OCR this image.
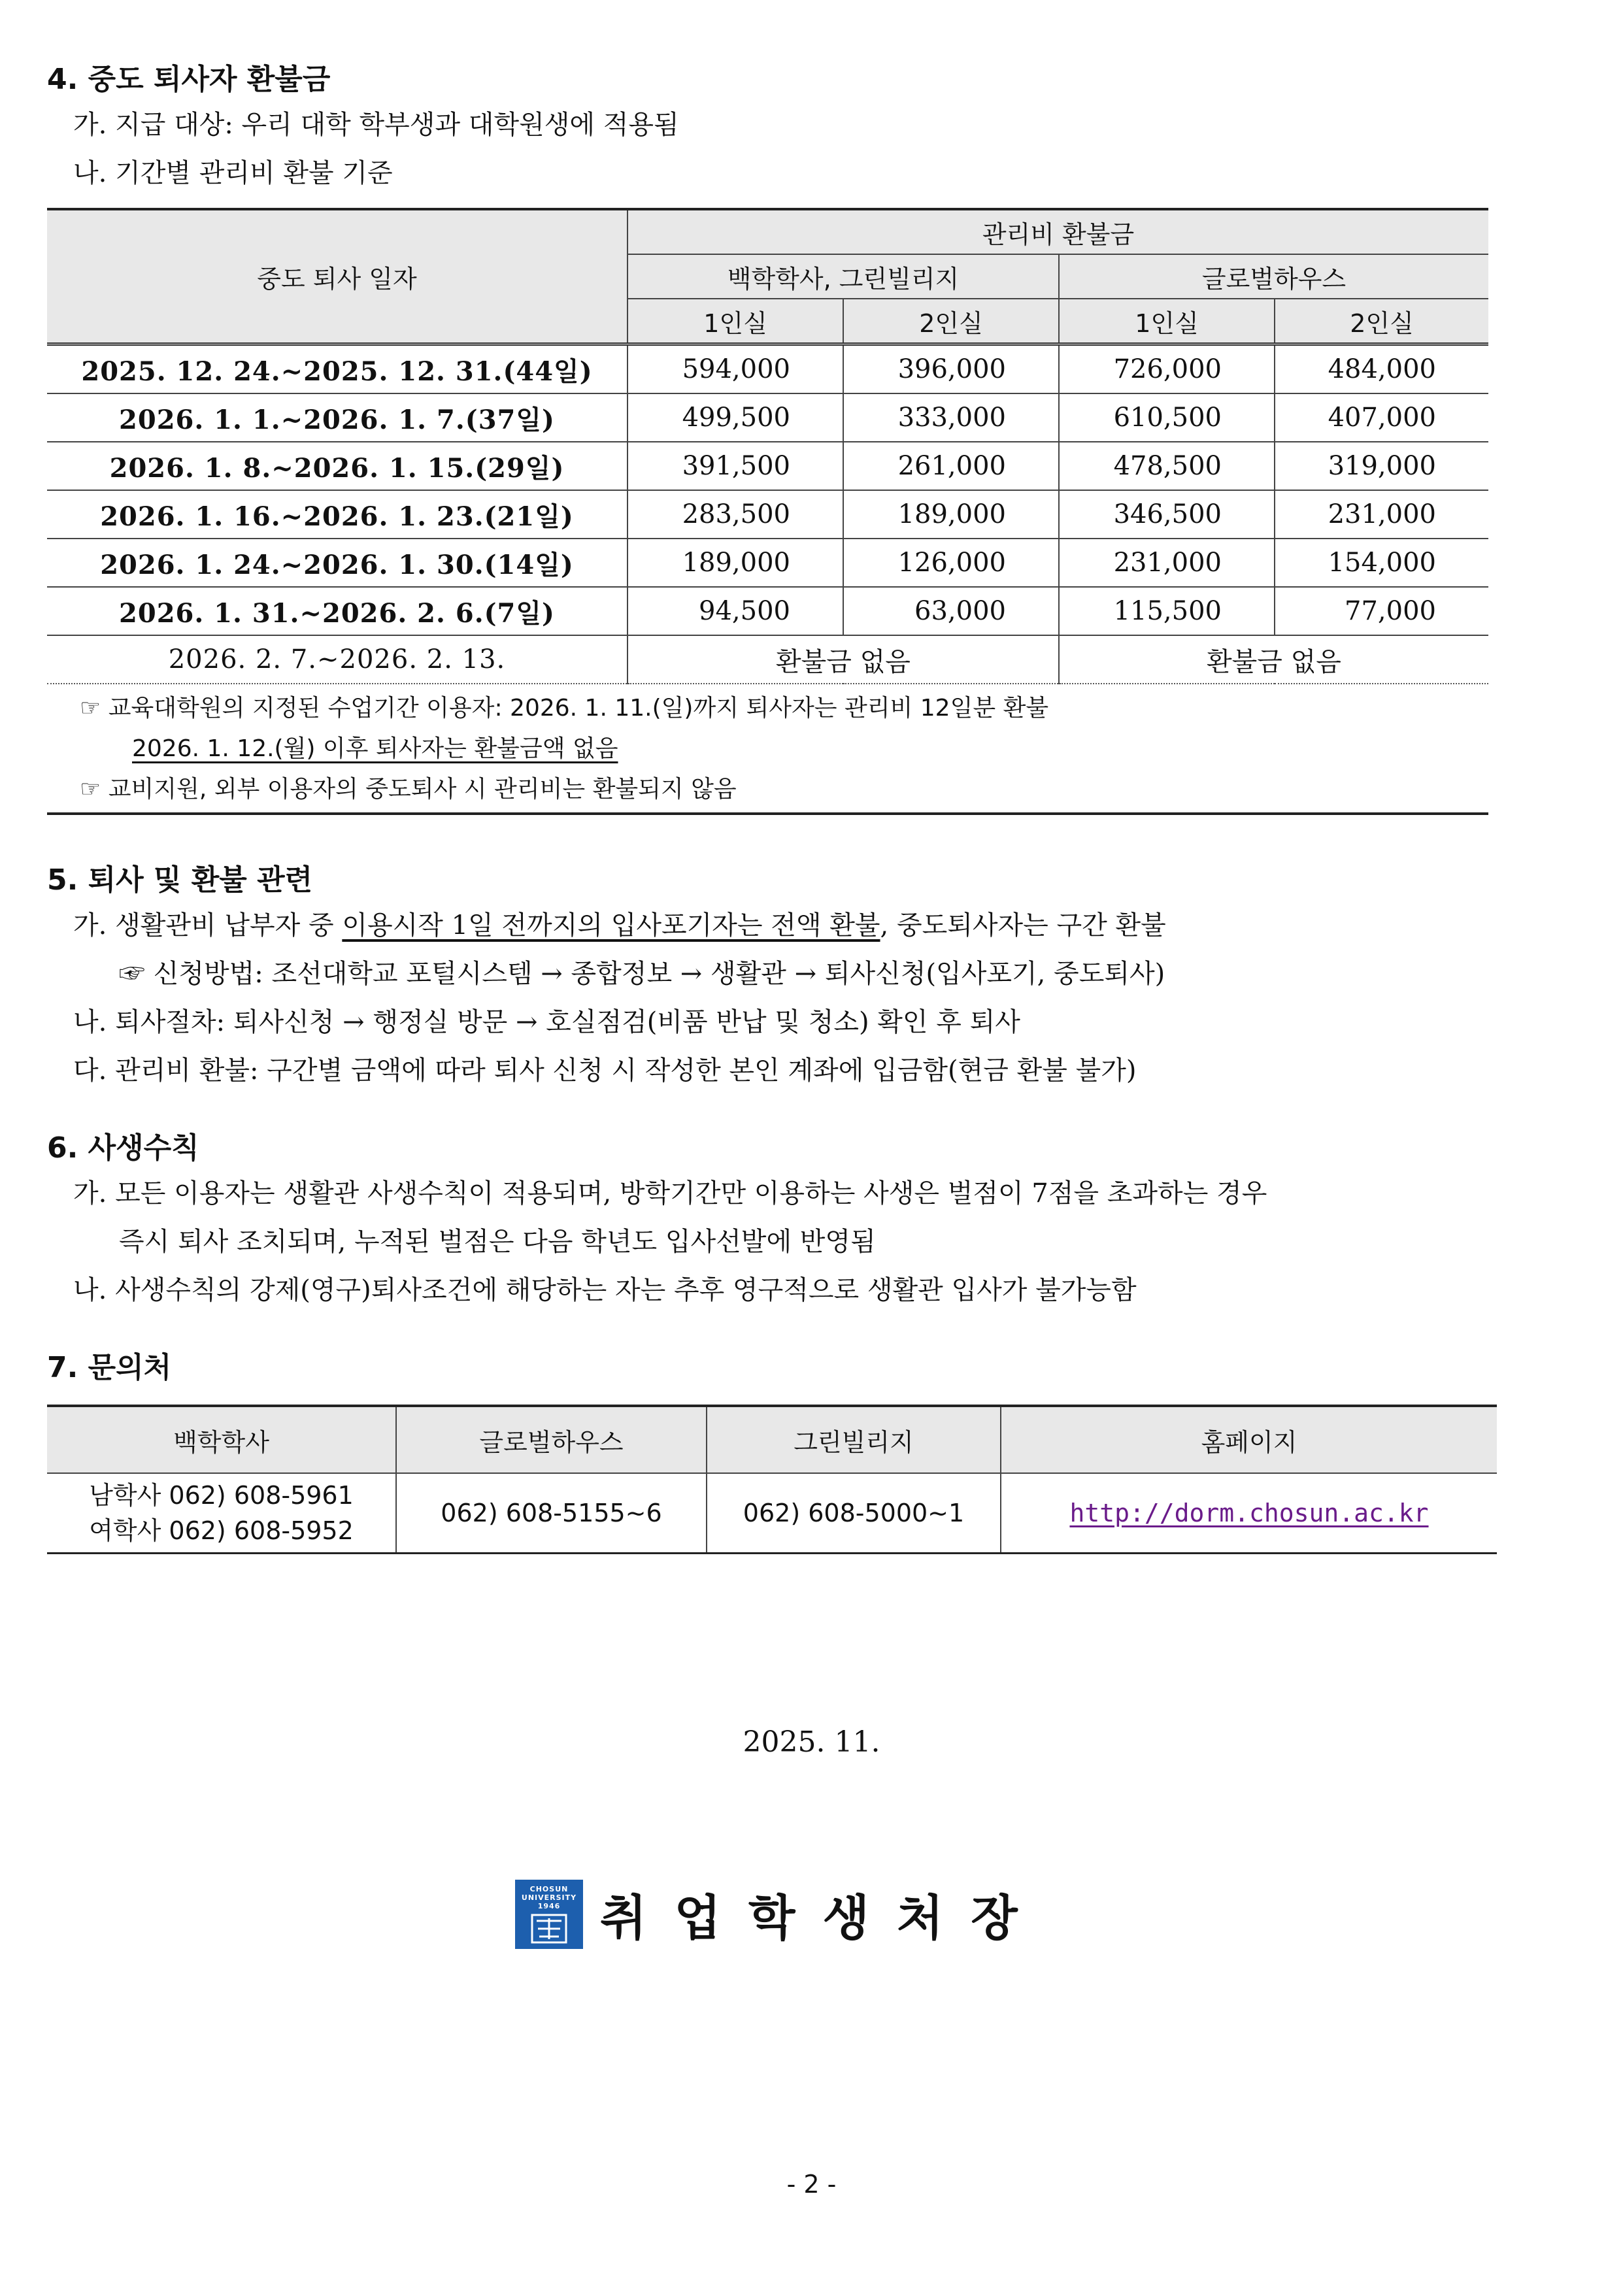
4. 중도 퇴사자 환불금
가. 지급 대상: 우리 대학 학부생과 대학원생에 적용됨
나. 기간별 관리비 환불 기준
중도 퇴사 일자	관리비 환불금			
	백학학사, 그린빌리지		글로벌하우스	
	1인실	2인실	1인실	2인실
2025. 12. 24.~2025. 12. 31.(44일)	594,000	396,000	726,000	484,000
2026. 1. 1.~2026. 1. 7.(37일)	499,500	333,000	610,500	407,000
2026. 1. 8.~2026. 1. 15.(29일)	391,500	261,000	478,500	319,000
2026. 1. 16.~2026. 1. 23.(21일)	283,500	189,000	346,500	231,000
2026. 1. 24.~2026. 1. 30.(14일)	189,000	126,000	231,000	154,000
2026. 1. 31.~2026. 2. 6.(7일)	94,500	63,000	115,500	77,000
2026. 2. 7.~2026. 2. 13.	환불금 없음		환불금 없음	
☞ 교육대학원의 지정된 수업기간 이용자: 2026. 1. 11.(일)까지 퇴사자는 관리비 12일분 환불
2026. 1. 12.(월) 이후 퇴사자는 환불금액 없음
☞ 교비지원, 외부 이용자의 중도퇴사 시 관리비는 환불되지 않음
5. 퇴사 및 환불 관련
가. 생활관비 납부자 중 이용시작 1일 전까지의 입사포기자는 전액 환불, 중도퇴사자는 구간 환불
☞ 신청방법: 조선대학교 포털시스템 → 종합정보 → 생활관 → 퇴사신청(입사포기, 중도퇴사)
나. 퇴사절차: 퇴사신청 → 행정실 방문 → 호실점검(비품 반납 및 청소) 확인 후 퇴사
다. 관리비 환불: 구간별 금액에 따라 퇴사 신청 시 작성한 본인 계좌에 입금함(현금 환불 불가)
6. 사생수칙
가. 모든 이용자는 생활관 사생수칙이 적용되며, 방학기간만 이용하는 사생은 벌점이 7점을 초과하는 경우
즉시 퇴사 조치되며, 누적된 벌점은 다음 학년도 입사선발에 반영됨
나. 사생수칙의 강제(영구)퇴사조건에 해당하는 자는 추후 영구적으로 생활관 입사가 불가능함
7. 문의처
백학학사	글로벌하우스	그린빌리지	홈페이지

남학사 062) 608-5961
여학사 062) 608-5952	062) 608-5155~6	062) 608-5000~1	http://dorm.chosun.ac.kr
2025. 11.
CHOSUN
UNIVERSITY
1946 취업학생처장
- 2 -
